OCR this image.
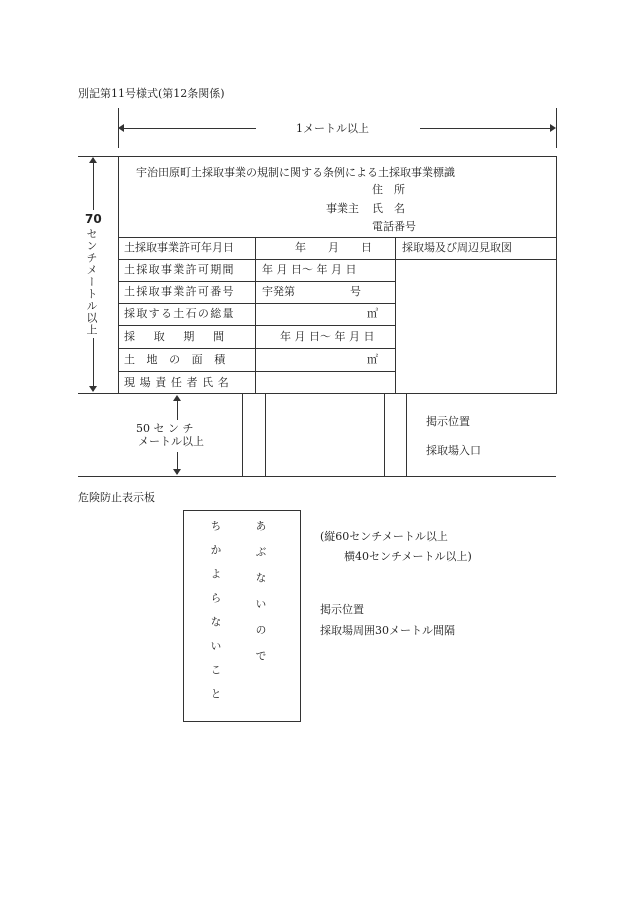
別記第11号様式(第12条関係)
1メートル以上
70
センチメートル以上
宇治田原町土採取事業の規制に関する条例による土採取事業標識
住　所
事業主 氏　名
電話番号
土採取事業許可年月日
土採取事業許可期間
土採取事業許可番号
採取する土石の総量
採取期間
土地の面積
現場責任者氏名
年　　月　　日
年 月 日～ 年 月 日
宇発第　　　　　号
㎥
年 月 日～ 年 月 日
㎡
採取場及び周辺見取図
50 セ ン チ
メートル以上
掲示位置
採取場入口
危険防止表示板
あぶないので
ちかよらないこと	(縦60センチメートル以上
横40センチメートル以上)
掲示位置
採取場周囲30メートル間隔
